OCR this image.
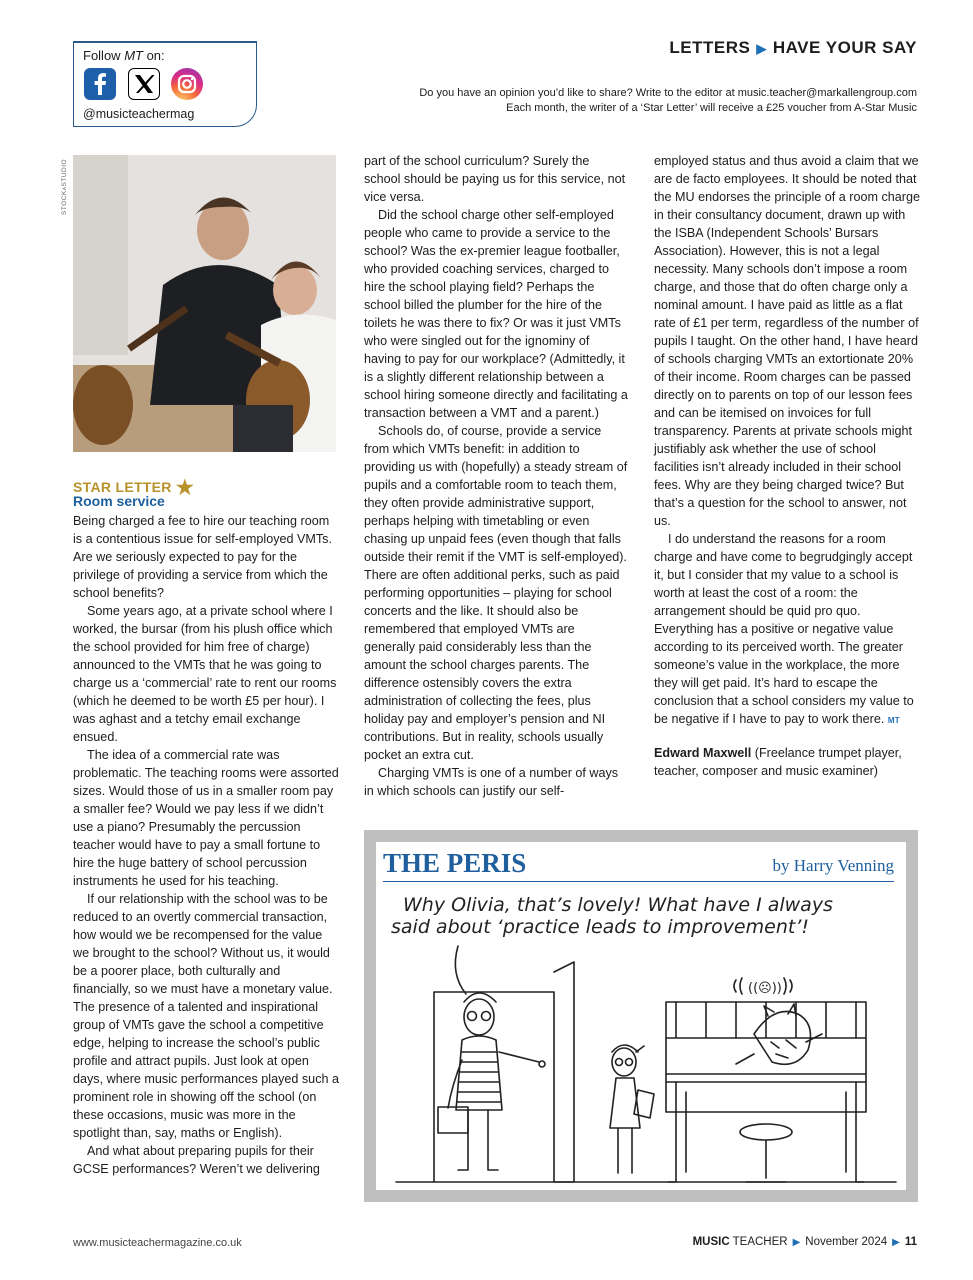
Follow MT on:
@musicteachermag
LETTERS ▶ HAVE YOUR SAY
Do you have an opinion you’d like to share? Write to the editor at music.teacher@markallengroup.com
Each month, the writer of a ‘Star Letter’ will receive a £25 voucher from A-Star Music
STOCKᴀSTUDIO
STAR LETTER ★
Room service

Being charged a fee to hire our teaching room is a contentious issue for self-employed VMTs. Are we seriously expected to pay for the privilege of providing a service from which the school benefits?

Some years ago, at a private school where I worked, the bursar (from his plush office which the school provided for him free of charge) announced to the VMTs that he was going to charge us a ‘commercial’ rate to rent our rooms (which he deemed to be worth £5 per hour). I was aghast and a tetchy email exchange ensued.

The idea of a commercial rate was problematic. The teaching rooms were assorted sizes. Would those of us in a smaller room pay a smaller fee? Would we pay less if we didn’t use a piano? Presumably the percussion teacher would have to pay a small fortune to hire the huge battery of school percussion instruments he used for his teaching.

If our relationship with the school was to be reduced to an overtly commercial transaction, how would we be recompensed for the value we brought to the school? Without us, it would be a poorer place, both culturally and financially, so we must have a monetary value. The presence of a talented and inspirational group of VMTs gave the school a competitive edge, helping to increase the school’s public profile and attract pupils. Just look at open days, where music performances played such a prominent role in showing off the school (on these occasions, music was more in the spotlight than, say, maths or English).

And what about preparing pupils for their GCSE performances? Weren’t we delivering

part of the school curriculum? Surely the school should be paying us for this service, not vice versa.

Did the school charge other self-employed people who came to provide a service to the school? Was the ex-premier league footballer, who provided coaching services, charged to hire the school playing field? Perhaps the school billed the plumber for the hire of the toilets he was there to fix? Or was it just VMTs who were singled out for the ignominy of having to pay for our workplace? (Admittedly, it is a slightly different relationship between a school hiring someone directly and facilitating a transaction between a VMT and a parent.)

Schools do, of course, provide a service from which VMTs benefit: in addition to providing us with (hopefully) a steady stream of pupils and a comfortable room to teach them, they often provide administrative support, perhaps helping with timetabling or even chasing up unpaid fees (even though that falls outside their remit if the VMT is self-employed). There are often additional perks, such as paid performing opportunities – playing for school concerts and the like. It should also be remembered that employed VMTs are generally paid considerably less than the amount the school charges parents. The difference ostensibly covers the extra administration of collecting the fees, plus holiday pay and employer’s pension and NI contributions. But in reality, schools usually pocket an extra cut.

Charging VMTs is one of a number of ways in which schools can justify our self-

employed status and thus avoid a claim that we are de facto employees. It should be noted that the MU endorses the principle of a room charge in their consultancy document, drawn up with the ISBA (Independent Schools’ Bursars Association). However, this is not a legal necessity. Many schools don’t impose a room charge, and those that do often charge only a nominal amount. I have paid as little as a flat rate of £1 per term, regardless of the number of pupils I taught. On the other hand, I have heard of schools charging VMTs an extortionate 20% of their income. Room charges can be passed directly on to parents on top of our lesson fees and can be itemised on invoices for full transparency. Parents at private schools might justifiably ask whether the use of school facilities isn’t already included in their school fees. Why are they being charged twice? But that’s a question for the school to answer, not us.

I do understand the reasons for a room charge and have come to begrudgingly accept it, but I consider that my value to a school is worth at least the cost of a room: the arrangement should be quid pro quo. Everything has a positive or negative value according to its perceived worth. The greater someone’s value in the workplace, the more they will get paid. It’s hard to escape the conclusion that a school considers my value to be negative if I have to pay to work there. MT

Edward Maxwell (Freelance trumpet player, teacher, composer and music examiner)

THE PERIS	by Harry Venning
Why Olivia, that’s lovely! What have I always
said about ‘practice leads to improvement’!
((☹))
www.musicteachermagazine.co.uk	MUSIC TEACHER ▶ November 2024 ▶ 11
